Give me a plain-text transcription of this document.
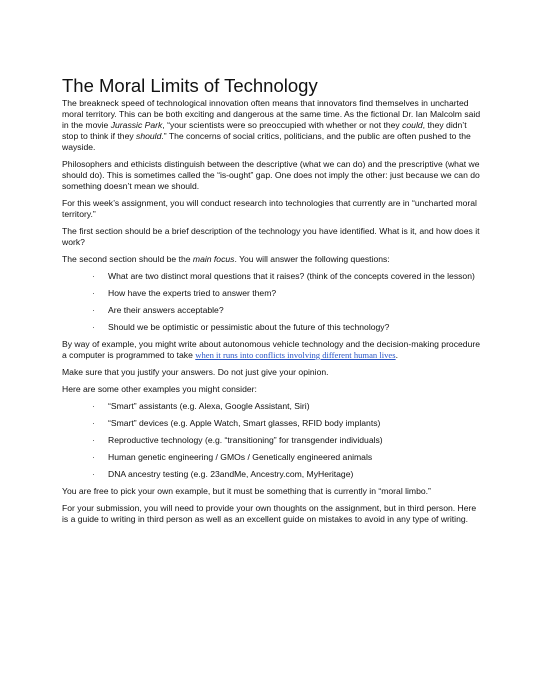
The Moral Limits of Technology

The breakneck speed of technological innovation often means that innovators find themselves in uncharted moral territory. This can be both exciting and dangerous at the same time. As the fictional Dr. Ian Malcolm said in the movie Jurassic Park, “your scientists were so preoccupied with whether or not they could, they didn’t stop to think if they should.” The concerns of social critics, politicians, and the public are often pushed to the wayside.

Philosophers and ethicists distinguish between the descriptive (what we can do) and the prescriptive (what we should do). This is sometimes called the “is-ought” gap. One does not imply the other: just because we can do something doesn’t mean we should.

For this week’s assignment, you will conduct research into technologies that currently are in “uncharted moral territory.”

The first section should be a brief description of the technology you have identified. What is it, and how does it work?

The second section should be the main focus. You will answer the following questions:

·	What are two distinct moral questions that it raises? (think of the concepts covered in the lesson)
· How have the experts tried to answer them?
· Are their answers acceptable?
· Should we be optimistic or pessimistic about the future of this technology?

By way of example, you might write about autonomous vehicle technology and the decision-making procedure a computer is programmed to take when it runs into conflicts involving different human lives.

Make sure that you justify your answers. Do not just give your opinion.

Here are some other examples you might consider:

· “Smart” assistants (e.g. Alexa, Google Assistant, Siri)
· “Smart” devices (e.g. Apple Watch, Smart glasses, RFID body implants)
· Reproductive technology (e.g. “transitioning” for transgender individuals)
· Human genetic engineering / GMOs / Genetically engineered animals
· DNA ancestry testing (e.g. 23andMe, Ancestry.com, MyHeritage)

You are free to pick your own example, but it must be something that is currently in “moral limbo.”

For your submission, you will need to provide your own thoughts on the assignment, but in third person. Here is a guide to writing in third person as well as an excellent guide on mistakes to avoid in any type of writing.
